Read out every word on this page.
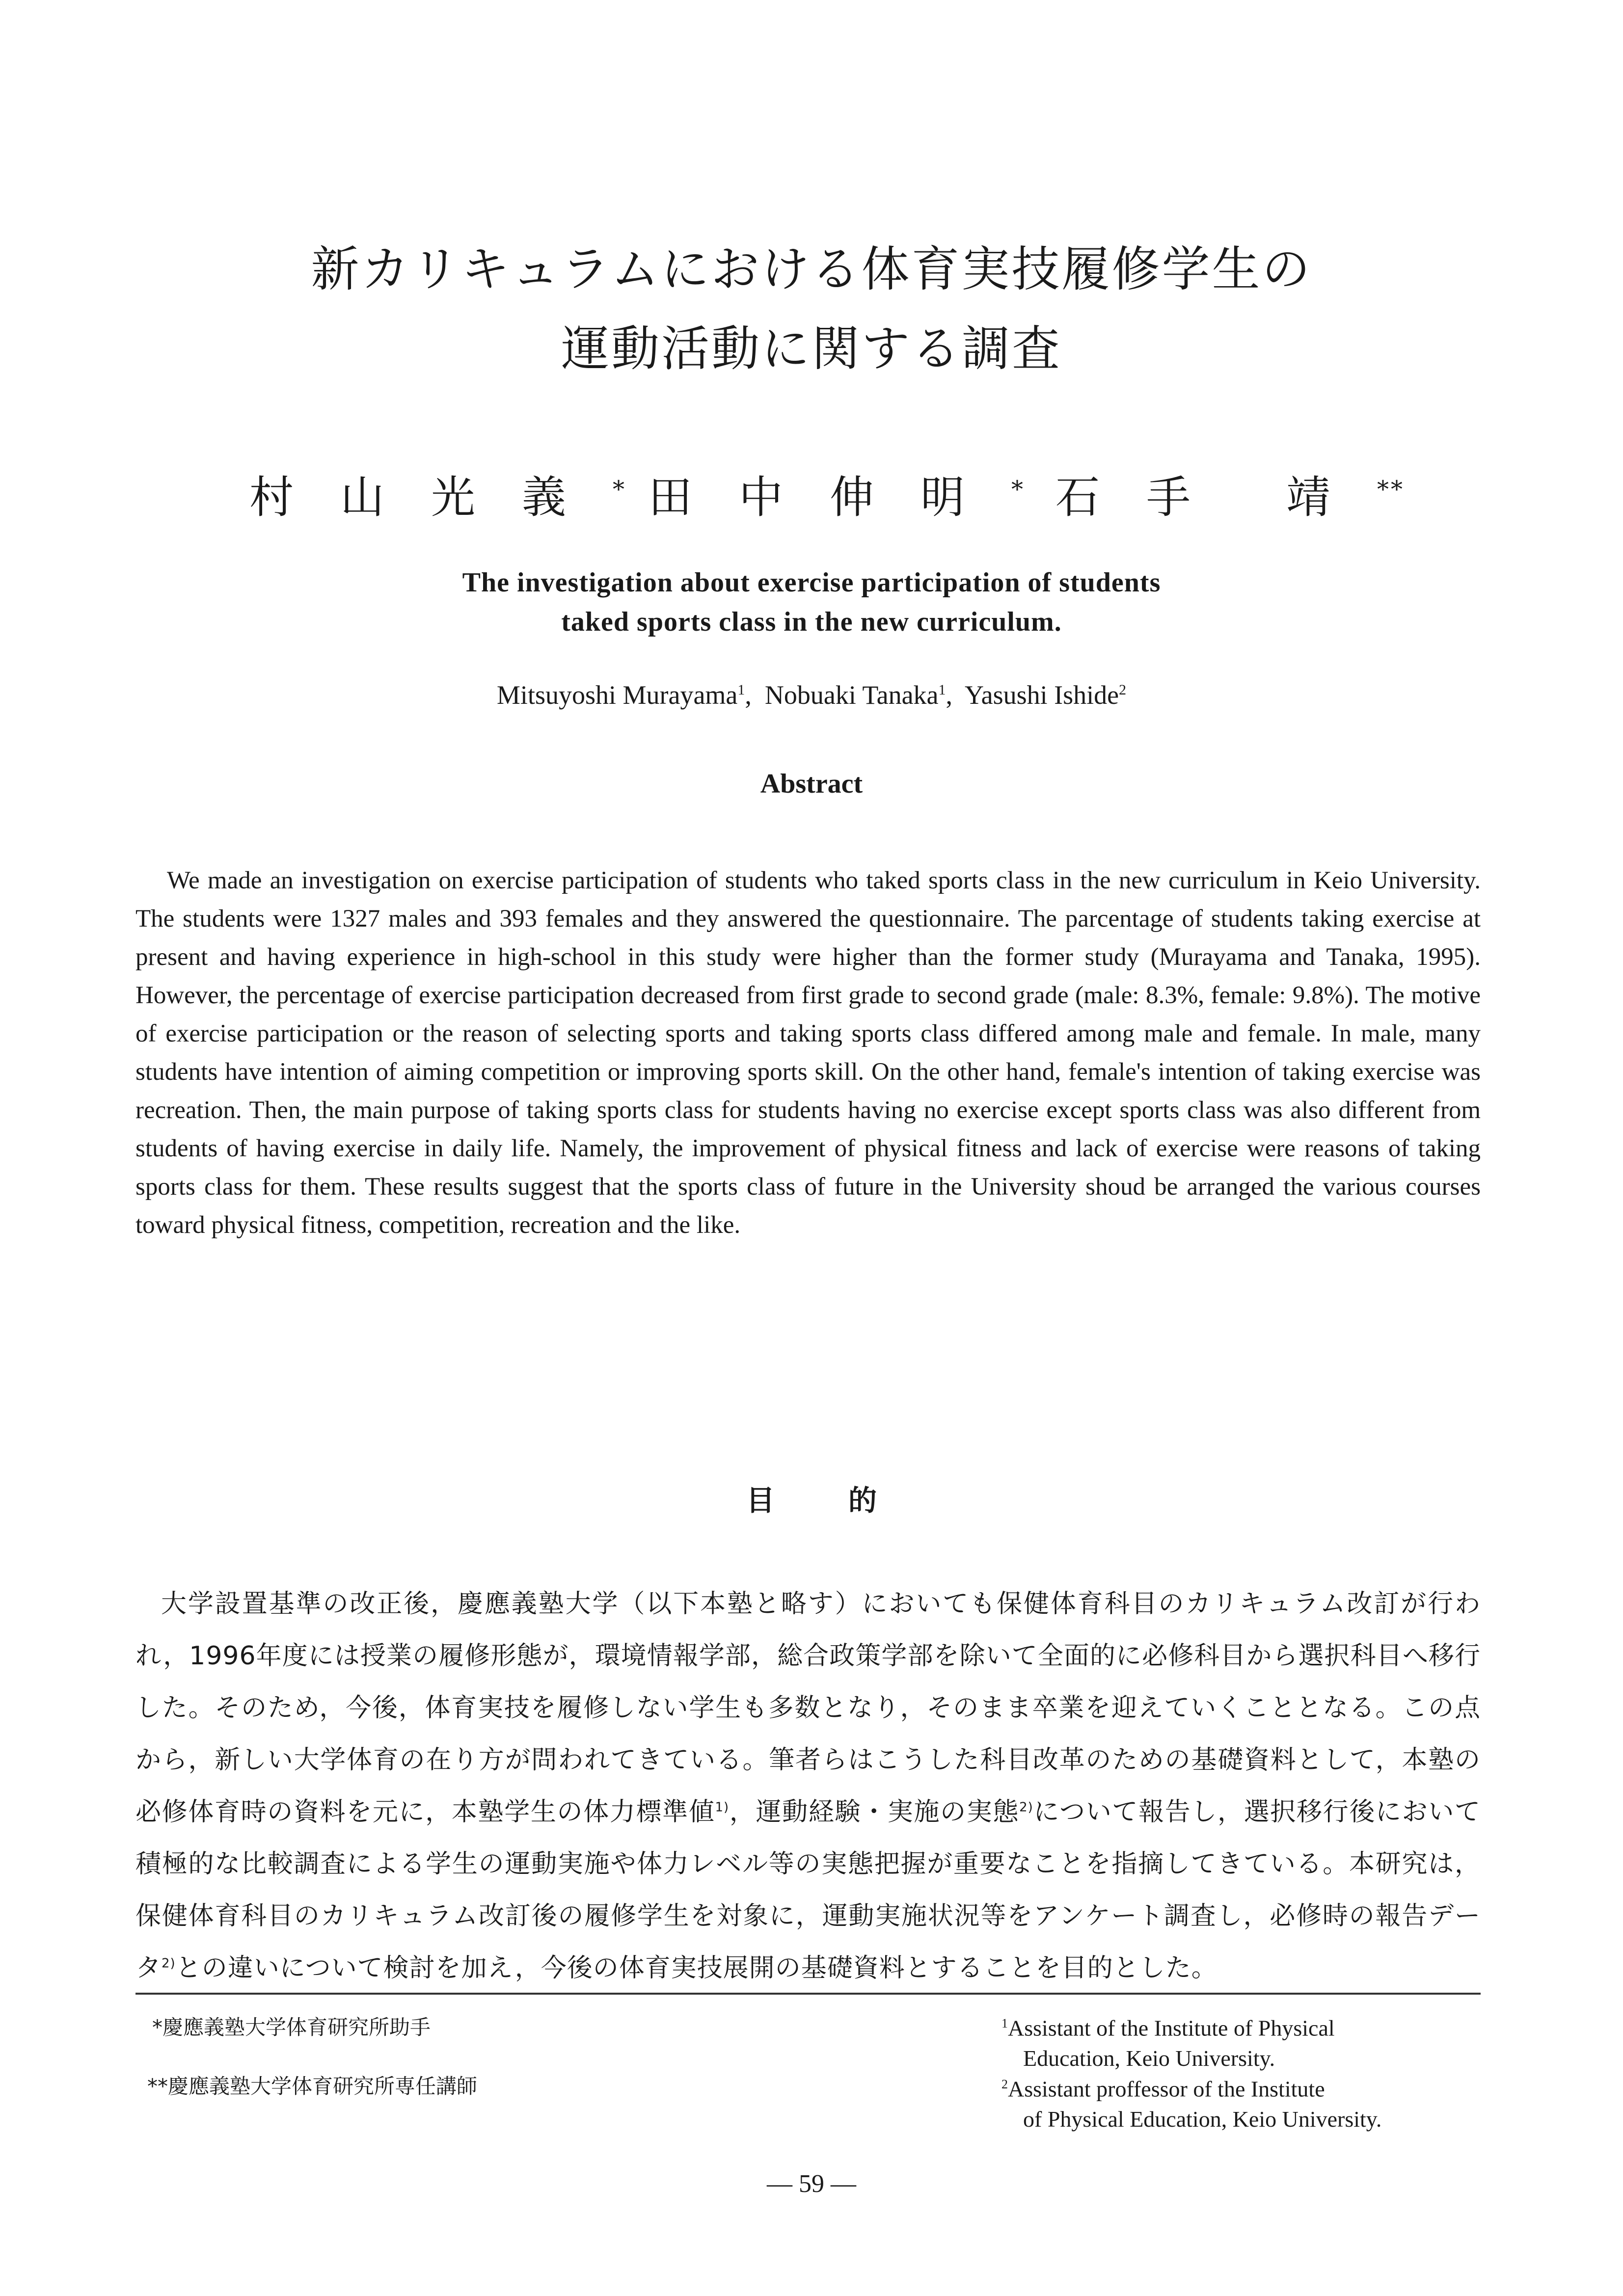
新カリキュラムにおける体育実技履修学生の
運動活動に関する調査
村山光義* 田中伸明* 石手 靖**
The investigation about exercise participation of students
taked sports class in the new curriculum.
Mitsuyoshi Murayama$^1$,  Nobuaki Tanaka$^1$,  Yasushi Ishide$^2$
Abstract

We made an investigation on exercise participation of students who taked sports class in the new curriculum in Keio University. The students were 1327 males and 393 females and they answered the questionnaire. The parcentage of students taking exercise at present and having experience in high-school in this study were higher than the former study (Murayama and Tanaka, 1995). However, the percentage of exercise participation decreased from first grade to second grade (male: 8.3%, female: 9.8%). The motive of exercise participation or the reason of selecting sports and taking sports class differed among male and female. In male, many students have intention of aiming competition or improving sports skill. On the other hand, female's intention of taking exercise was recreation. Then, the main purpose of taking sports class for students having no exercise except sports class was also different from students of having exercise in daily life. Namely, the improvement of physical fitness and lack of exercise were reasons of taking sports class for them. These results suggest that the sports class of future in the University shoud be arranged the various courses toward physical fitness, competition, recreation and the like.

目的

大学設置基準の改正後，慶應義塾大学（以下本塾と略す）においても保健体育科目のカリキュラム改訂が行われ，1996年度には授業の履修形態が，環境情報学部，総合政策学部を除いて全面的に必修科目から選択科目へ移行した。そのため，今後，体育実技を履修しない学生も多数となり，そのまま卒業を迎えていくこととなる。この点から，新しい大学体育の在り方が問われてきている。筆者らはこうした科目改革のための基礎資料として，本塾の必修体育時の資料を元に，本塾学生の体力標準値$^{1)}$，運動経験・実施の実態$^{2)}$について報告し，選択移行後において積極的な比較調査による学生の運動実施や体力レベル等の実態把握が重要なことを指摘してきている。本研究は，保健体育科目のカリキュラム改訂後の履修学生を対象に，運動実施状況等をアンケート調査し，必修時の報告データ$^{2)}$との違いについて検討を加え，今後の体育実技展開の基礎資料とすることを目的とした。

*慶應義塾大学体育研究所助手
**慶應義塾大学体育研究所専任講師
$^1$Assistant of the Institute of Physical
Education, Keio University.
$^2$Assistant proffessor of the Institute
of Physical Education, Keio University.
— 59 —
